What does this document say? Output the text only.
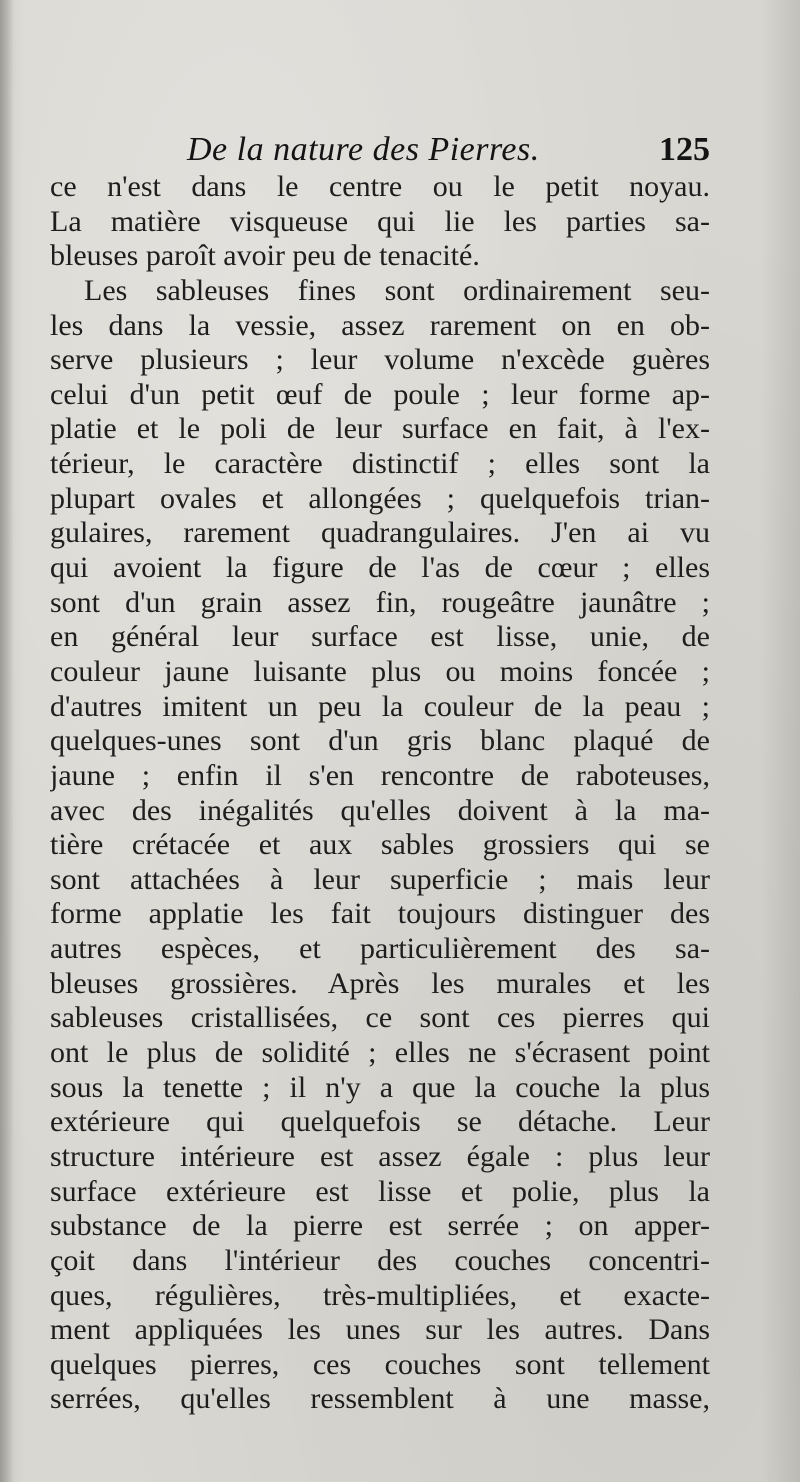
De la nature des Pierres.	125
ce n'est dans le centre ou le petit noyau.
La matière visqueuse qui lie les parties sa-
bleuses paroît avoir peu de tenacité.
Les sableuses fines sont ordinairement seu-
les dans la vessie, assez rarement on en ob-
serve plusieurs ; leur volume n'excède guères
celui d'un petit œuf de poule ; leur forme ap-
platie et le poli de leur surface en fait, à l'ex-
térieur, le caractère distinctif ; elles sont la
plupart ovales et allongées ; quelquefois trian-
gulaires, rarement quadrangulaires. J'en ai vu
qui avoient la figure de l'as de cœur ; elles
sont d'un grain assez fin, rougeâtre jaunâtre ;
en général leur surface est lisse, unie, de
couleur jaune luisante plus ou moins foncée ;
d'autres imitent un peu la couleur de la peau ;
quelques-unes sont d'un gris blanc plaqué de
jaune ; enfin il s'en rencontre de raboteuses,
avec des inégalités qu'elles doivent à la ma-
tière crétacée et aux sables grossiers qui se
sont attachées à leur superficie ; mais leur
forme applatie les fait toujours distinguer des
autres espèces, et particulièrement des sa-
bleuses grossières. Après les murales et les
sableuses cristallisées, ce sont ces pierres qui
ont le plus de solidité ; elles ne s'écrasent point
sous la tenette ; il n'y a que la couche la plus
extérieure qui quelquefois se détache. Leur
structure intérieure est assez égale : plus leur
surface extérieure est lisse et polie, plus la
substance de la pierre est serrée ; on apper-
çoit dans l'intérieur des couches concentri-
ques, régulières, très-multipliées, et exacte-
ment appliquées les unes sur les autres. Dans
quelques pierres, ces couches sont tellement
serrées, qu'elles ressemblent à une masse,
